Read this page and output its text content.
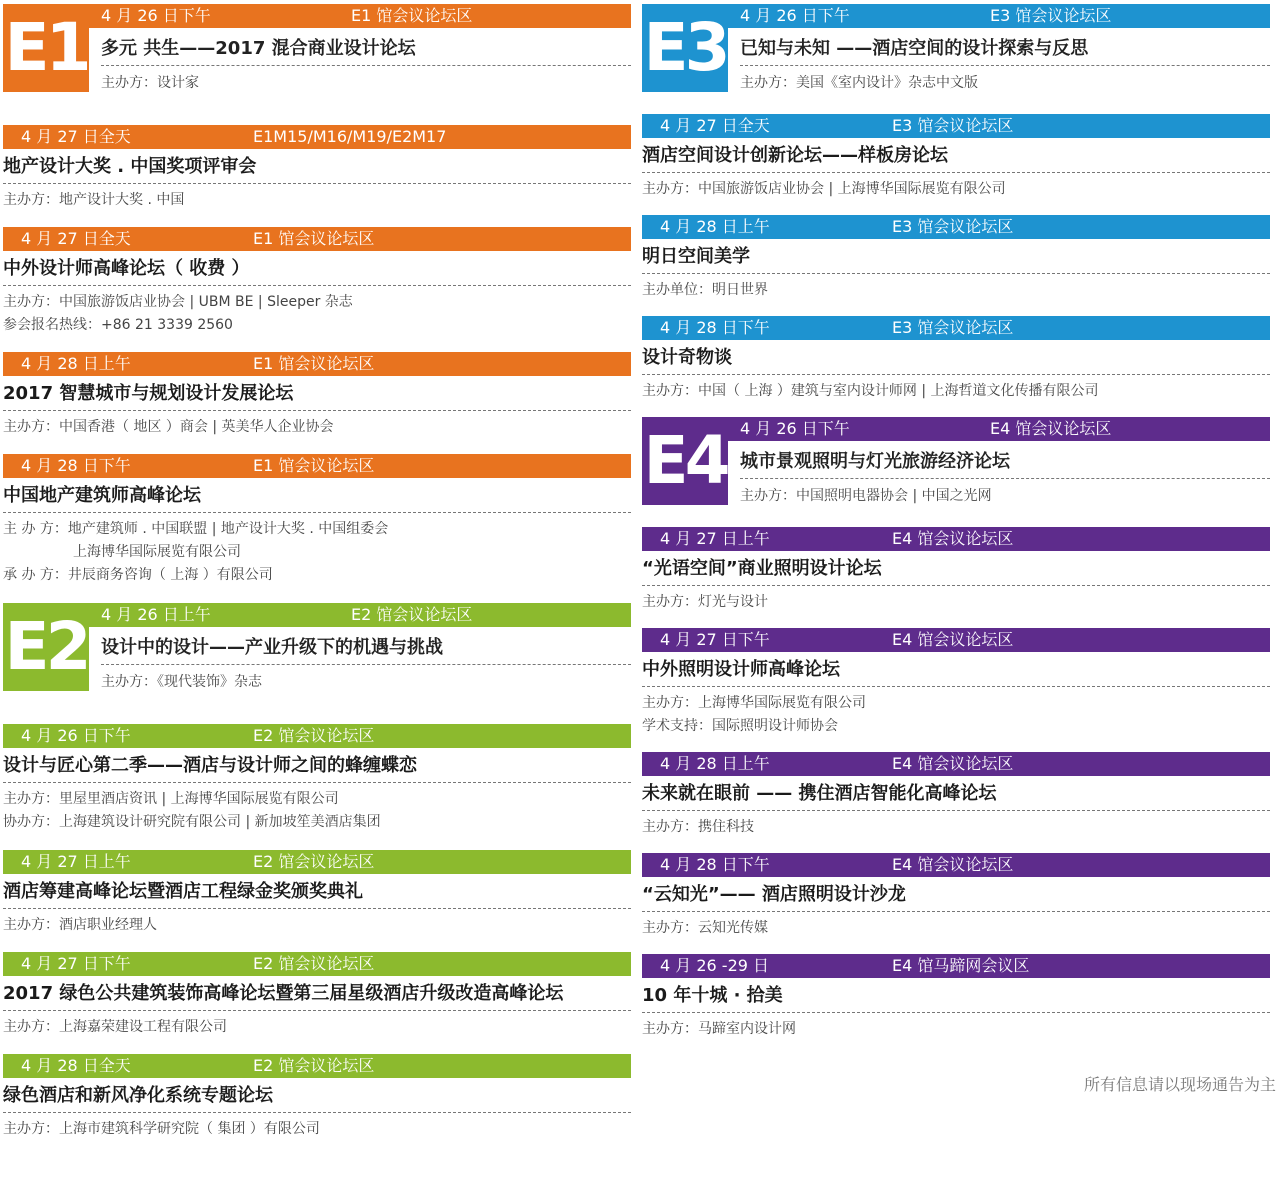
E1 4 月 26 日下午	E1 馆会议论坛区
多元 共生——2017 混合商业设计论坛
主办方：设计家
4 月 27 日全天	E1M15/M16/M19/E2M17
地产设计大奖 . 中国奖项评审会
主办方：地产设计大奖 . 中国
4 月 27 日全天	E1 馆会议论坛区
中外设计师高峰论坛（ 收费 ）
主办方：中国旅游饭店业协会 | UBM BE | Sleeper 杂志
参会报名热线：+86 21 3339 2560
4 月 28 日上午	E1 馆会议论坛区
2017 智慧城市与规划设计发展论坛
主办方：中国香港（ 地区 ）商会 | 英美华人企业协会
4 月 28 日下午	E1 馆会议论坛区
中国地产建筑师高峰论坛
主 办 方：地产建筑师 . 中国联盟 | 地产设计大奖 . 中国组委会
　　　　　上海博华国际展览有限公司
承 办 方：井辰商务咨询（ 上海 ）有限公司
E2 4 月 26 日上午	E2 馆会议论坛区
设计中的设计——产业升级下的机遇与挑战
主办方：《现代装饰》杂志
4 月 26 日下午	E2 馆会议论坛区
设计与匠心第二季——酒店与设计师之间的蜂缠蝶恋
主办方：里屋里酒店资讯 | 上海博华国际展览有限公司
协办方：上海建筑设计研究院有限公司 | 新加坡笙美酒店集团
4 月 27 日上午	E2 馆会议论坛区
酒店筹建高峰论坛暨酒店工程绿金奖颁奖典礼
主办方：酒店职业经理人
4 月 27 日下午	E2 馆会议论坛区
2017 绿色公共建筑装饰高峰论坛暨第三届星级酒店升级改造高峰论坛
主办方：上海嘉荣建设工程有限公司
4 月 28 日全天	E2 馆会议论坛区
绿色酒店和新风净化系统专题论坛
主办方：上海市建筑科学研究院（ 集团 ）有限公司
E3 4 月 26 日下午	E3 馆会议论坛区
已知与未知 ——酒店空间的设计探索与反思
主办方：美国《室内设计》杂志中文版
4 月 27 日全天	E3 馆会议论坛区
酒店空间设计创新论坛——样板房论坛
主办方：中国旅游饭店业协会 | 上海博华国际展览有限公司
4 月 28 日上午	E3 馆会议论坛区
明日空间美学
主办单位：明日世界
4 月 28 日下午	E3 馆会议论坛区
设计奇物谈
主办方：中国（ 上海 ）建筑与室内设计师网 | 上海哲道文化传播有限公司
E4 4 月 26 日下午	E4 馆会议论坛区
城市景观照明与灯光旅游经济论坛
主办方：中国照明电器协会 | 中国之光网
4 月 27 日上午	E4 馆会议论坛区
“光语空间”商业照明设计论坛
主办方：灯光与设计
4 月 27 日下午	E4 馆会议论坛区
中外照明设计师高峰论坛
主办方：上海博华国际展览有限公司
学术支持：国际照明设计师协会
4 月 28 日上午	E4 馆会议论坛区
未来就在眼前 —— 携住酒店智能化高峰论坛
主办方：携住科技
4 月 28 日下午	E4 馆会议论坛区
“云知光”—— 酒店照明设计沙龙
主办方：云知光传媒
4 月 26 -29 日	E4 馆马蹄网会议区
10 年十城 · 拾美
主办方：马蹄室内设计网
所有信息请以现场通告为主
